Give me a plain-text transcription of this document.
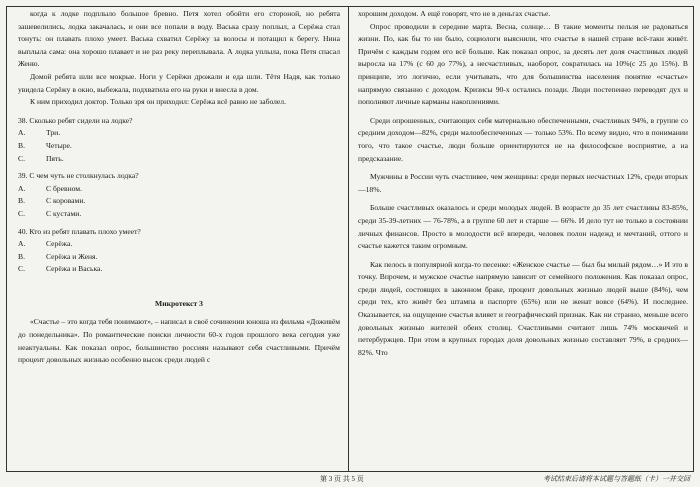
когда к лодке подплыло большое бревно. Петя хотел обойти его стороной, но ребята зашевелились, лодка закачалась, и они все попали в воду. Васька сразу поплыл, а Серёжа стал тонуть: он плавать плохо умеет. Васька схватил Серёжу за волосы и потащил к берегу. Нина выплыла сама: она хорошо плавает и не раз реку переплывала. А лодка уплыла, пока Петя спасал Женю.

Домой ребята шли все мокрые. Ноги у Серёжи дрожали и еда шли. Тётя Надя, как только увидела Серёжу в окно, выбежала, подхватила его на руки и внесла в дом.

К ним приходил доктор. Только зря он приходил: Серёжа всё равно не заболел.

38. Сколько ребят сидели на лодке?

A.	Три.
B.	Четыре.
C.	Пять.

39. С чем чуть не столкнулась лодка?

A.	С бревном.
B.	С коровами.
C.	С кустами.

40. Кто из ребят плавать плохо умеет?

A.	Серёжа.
B.	Серёжа и Женя.
C.	Серёжа и Васька.
Микротекст 3

«Счастье – это когда тебя понимают», – написал в своё сочинении юноша из фильма «Доживём до понедельника». По романтические поиски личности 60-х годов прошлого века сегодня уже неактуальны. Как показал опрос, большинство россиян называют себя счастливыми. Причём процент довольных жизнью особенно высок среди людей с

хорошим доходом. А ещё говорят, что не в деньгах счастье.

Опрос проводили в середине марта. Весна, солнце… В такие моменты пельзя не радоваться жизни. По, как бы то ни было, социологи выяснили, что счастье в нашей стране всё-таки живёт. Причём с каждым годом его всё больше. Как показал опрос, за десять лет доля счастливых людей выросла на 17% (с 60 до 77%), а несчастливых, наоборот, сократилась на 10%(с 25 до 15%). В принципе, это логично, если учитывать, что для большинства населения понятие «счастье» напрямую связанно с доходом. Кризисы 90-х остались позади. Люди постепенно переводят дух и пополняют личные карманы накоплениями.

Среди опрошенных, считающих себя материально обеспеченными, счастливых 94%, в группе со средним доходом—82%, среди малообеспеченных — только 53%. По всему видно, что в понимании того, что такое счастье, люди больше ориентируются не на философское восприятие, а на предсказание.

Мужчины в России чуть счастливее, чем женщины: среди первых несчастных 12%, среди вторых—18%.

Больше счастливых оказалось и среди молодых людей. В возрасте до 35 лет счастливы 83-85%, среди 35-39-летних — 76-78%, а в группе 60 лет и старше — 66%. И дело тут не только в состоянии личных финансов. Просто в молодости всё впереди, человек полон надежд и мечтаний, оттого и счастье кажется таким огромным.

Как пелось в популярной когда-то песенке: «Женское счастье — был бы милый рядом…» И это в точку. Впрочем, и мужское счастье напрямую зависит от семейного положения. Как показал опрос, среди людей, состоящих в законном браке, процент довольных жизнью людей выше (84%), чем среди тех, кто живёт без штампа в паспорте (65%) или не женат вовсе (64%). И последнее. Оказывается, на ощущение счастья влияет и географический признак. Как ни странно, меньше всего довольных жизнью жителей обеих столиц. Счастливыми считают лишь 74% москвичей и петербуржцев. При этом в крупных городах доля довольных жизнью составляет 79%, в средних—82%. Что

第 3 页 共 5 页	考试结束后请将本试题与答题纸（卡）一并交回
